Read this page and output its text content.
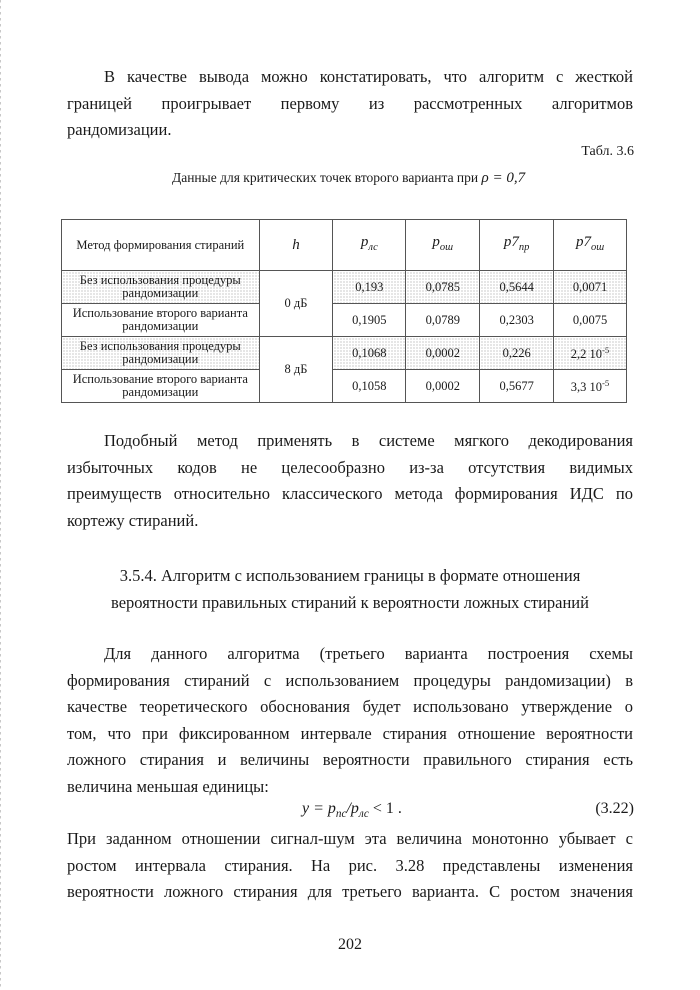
В качестве вывода можно констатировать, что алгоритм с жесткой
границей проигрывает первому из рассмотренных алгоритмов
рандомизации.
Табл. 3.6
Данные для критических точек второго варианта при ρ = 0,7
Метод формирования стираний	h	$p_{лс}$	$p_{ош}$	$p7_{пр}$	$p7_{ош}$
Без использования процедуры рандомизации	0 дБ	0,193	0,0785	0,5644	0,0071
Использование второго варианта рандомизации		0,1905	0,0789	0,2303	0,0075
Без использования процедуры рандомизации	8 дБ	0,1068	0,0002	0,226	2,2 $10^{-5}$
Использование второго варианта рандомизации		0,1058	0,0002	0,5677	3,3 $10^{-5}$
Подобный метод применять в системе мягкого декодирования
избыточных кодов не целесообразно из-за отсутствия видимых
преимуществ относительно классического метода формирования ИДС по
кортежу стираний.
3.5.4. Алгоритм с использованием границы в формате отношения
вероятности правильных стираний к вероятности ложных стираний
Для данного алгоритма (третьего варианта построения схемы
формирования стираний с использованием процедуры рандомизации) в
качестве теоретического обоснования будет использовано утверждение о
том, что при фиксированном интервале стирания отношение вероятности
ложного стирания и величины вероятности правильного стирания есть
величина меньшая единицы:
$y = p_{пс}/p_{лс} < 1$ .	(3.22)
При заданном отношении сигнал-шум эта величина монотонно убывает с
ростом интервала стирания. На рис. 3.28 представлены изменения
вероятности ложного стирания для третьего варианта. С ростом значения
202
